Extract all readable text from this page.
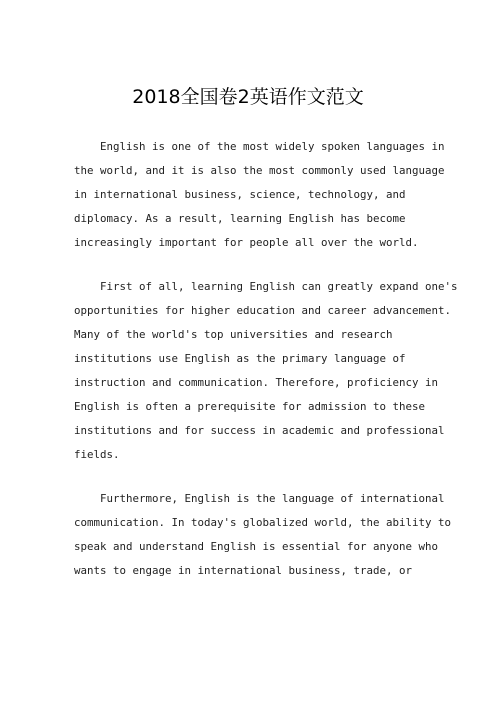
2018全国卷2英语作文范文

English is one of the most widely spoken languages in
the world, and it is also the most commonly used language
in international business, science, technology, and
diplomacy. As a result, learning English has become
increasingly important for people all over the world.

First of all, learning English can greatly expand one's
opportunities for higher education and career advancement.
Many of the world's top universities and research
institutions use English as the primary language of
instruction and communication. Therefore, proficiency in
English is often a prerequisite for admission to these
institutions and for success in academic and professional
fields.

Furthermore, English is the language of international
communication. In today's globalized world, the ability to
speak and understand English is essential for anyone who
wants to engage in international business, trade, or
